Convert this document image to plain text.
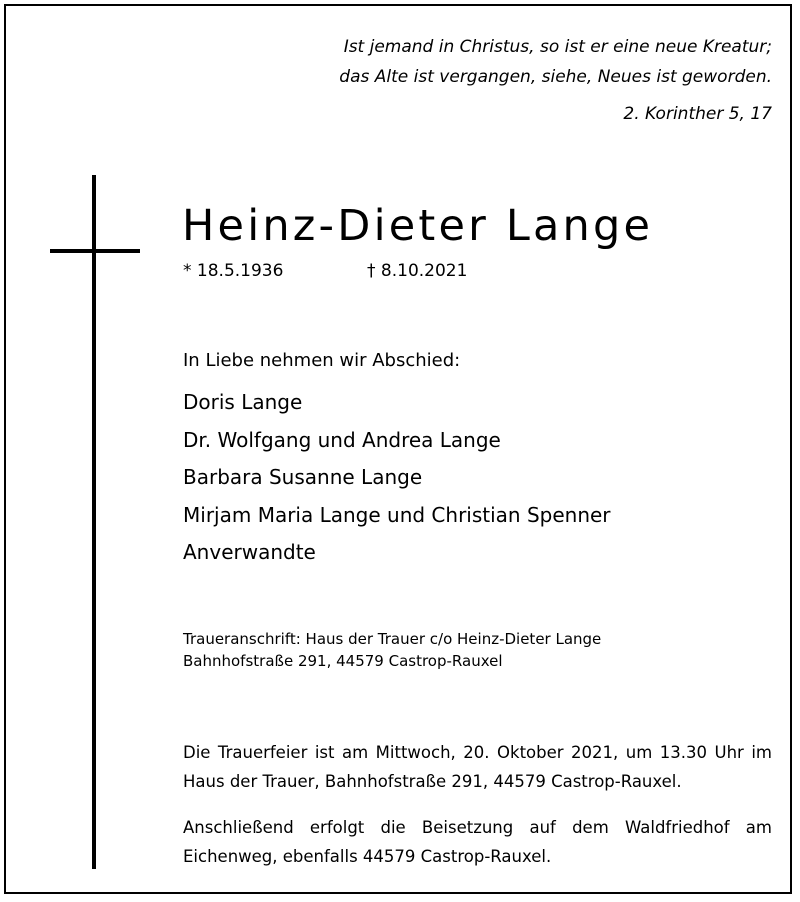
Ist jemand in Christus, so ist er eine neue Kreatur;
das Alte ist vergangen, siehe, Neues ist geworden.
2. Korinther 5, 17
Heinz-Dieter Lange
* 18.5.1936	† 8.10.2021
In Liebe nehmen wir Abschied:
Doris Lange
Dr. Wolfgang und Andrea Lange
Barbara Susanne Lange
Mirjam Maria Lange und Christian Spenner
Anverwandte
Traueranschrift: Haus der Trauer c/o Heinz-Dieter Lange
Bahnhofstraße 291, 44579 Castrop-Rauxel
Die Trauerfeier ist am Mittwoch, 20. Oktober 2021, um 13.30 Uhr im Haus der Trauer, Bahnhofstraße 291, 44579 Castrop-Rauxel.
Anschließend erfolgt die Beisetzung auf dem Waldfriedhof am Eichenweg, ebenfalls 44579 Castrop-Rauxel.
